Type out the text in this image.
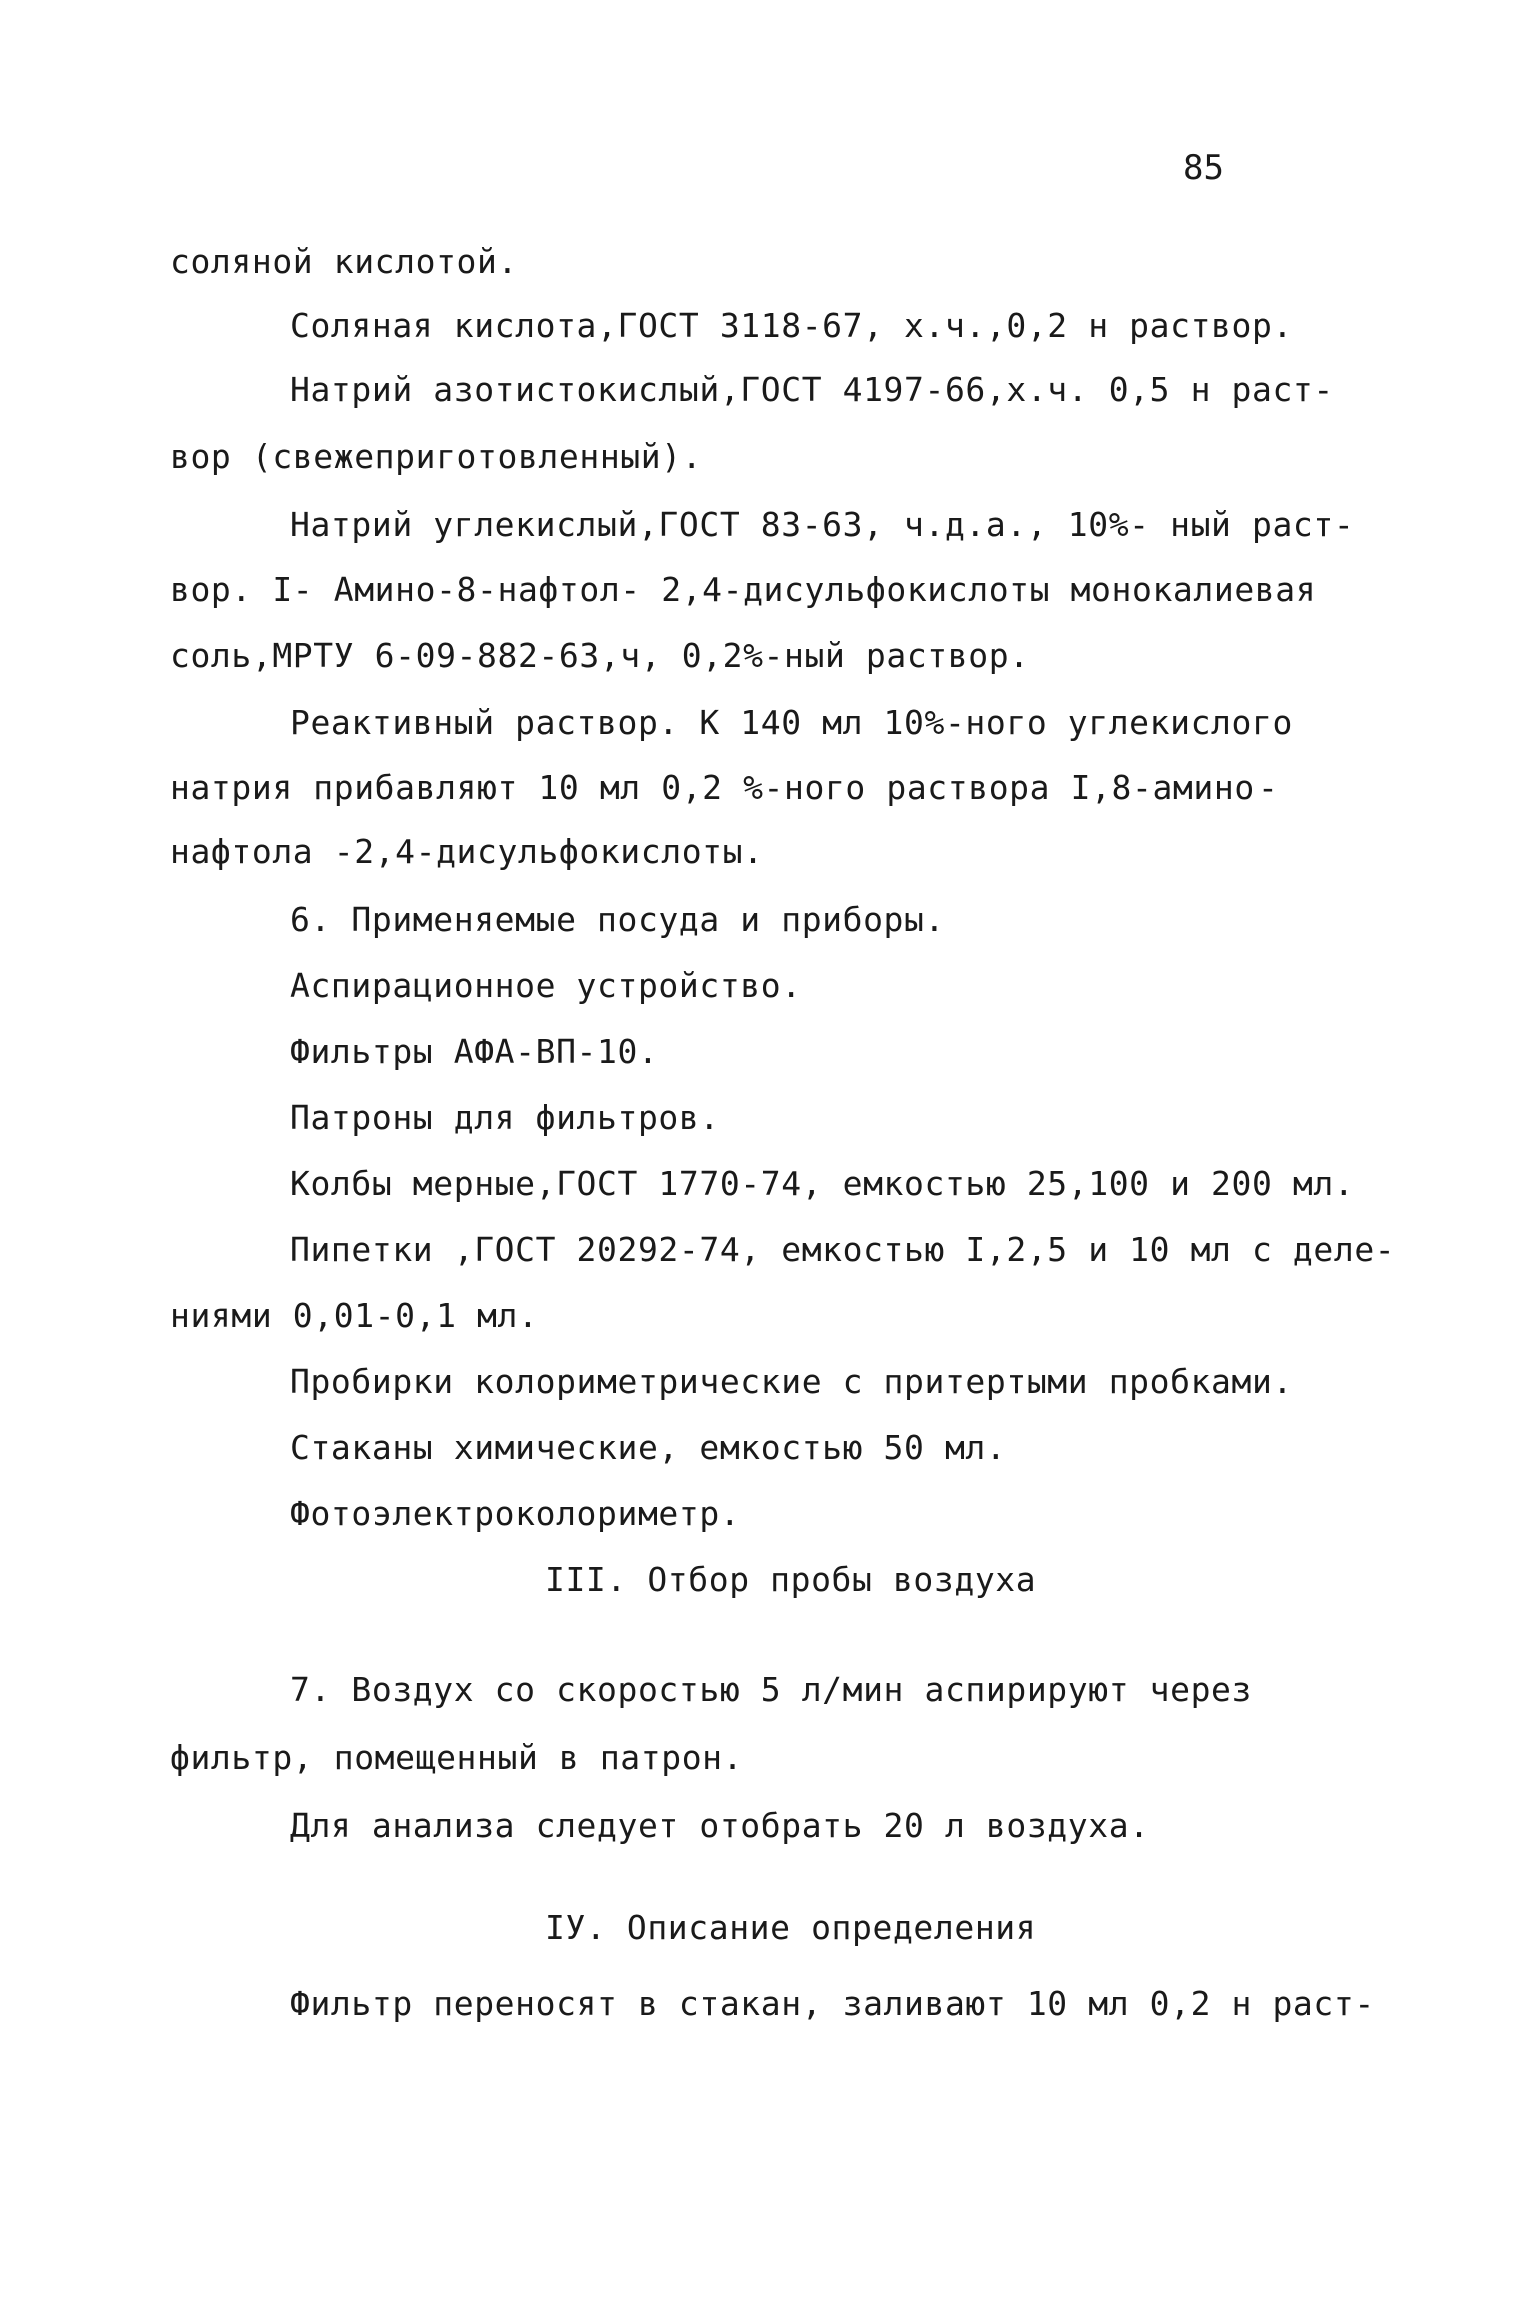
85
соляной кислотой.
Соляная кислота,ГОСТ 3118-67, х.ч.,0,2 н раствор.
Натрий азотистокислый,ГОСТ 4197-66,х.ч. 0,5 н раст-
вор (свежеприготовленный).
Натрий углекислый,ГОСТ 83-63, ч.д.а., 10%- ный раст-
вор. I- Амино-8-нафтол- 2,4-дисульфокислоты монокалиевая
соль,МРТУ 6-09-882-63,ч, 0,2%-ный раствор.
Реактивный раствор. К 140 мл 10%-ного углекислого
натрия прибавляют 10 мл 0,2 %-ного раствора I,8-амино -
нафтола -2,4-дисульфокислоты.
6. Применяемые посуда и приборы.
Аспирационное устройство.
Фильтры АФА-ВП-10.
Патроны для фильтров.
Колбы мерные,ГОСТ 1770-74, емкостью 25,100 и 200 мл.
Пипетки ,ГОСТ 20292-74, емкостью I,2,5 и 10 мл с деле-
ниями 0,01-0,1 мл.
Пробирки колориметрические с притертыми пробками.
Стаканы химические, емкостью 50 мл.
Фотоэлектроколориметр.
III. Отбор пробы воздуха
7. Воздух со скоростью 5 л/мин аспирируют через
фильтр, помещенный в патрон.
Для анализа следует отобрать 20 л воздуха.
IУ. Описание определения
Фильтр переносят в стакан, заливают 10 мл 0,2 н раст-
